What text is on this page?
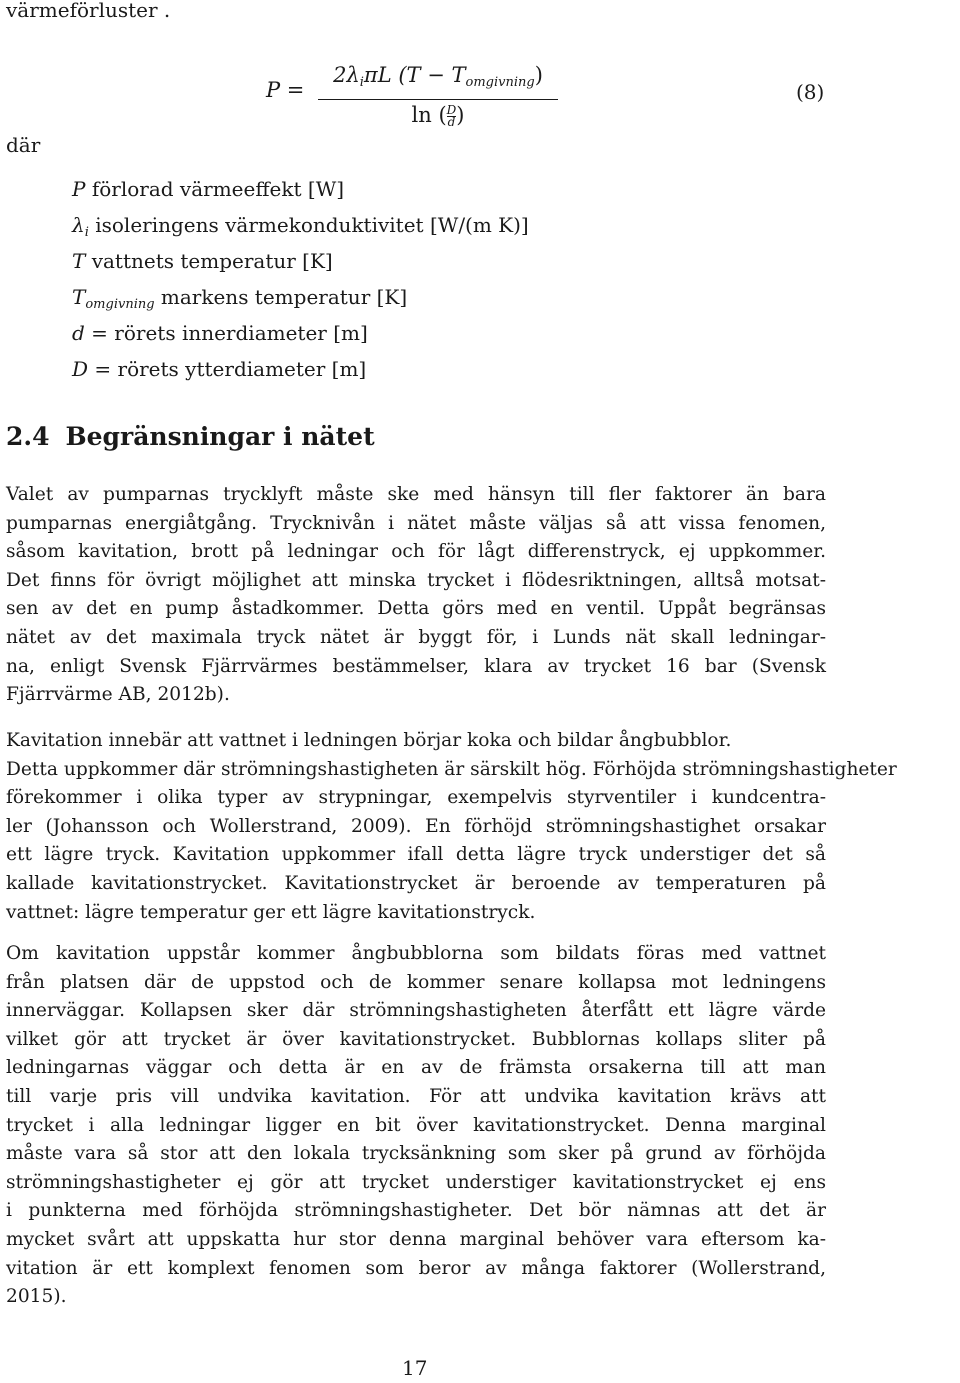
värmeförluster .

P =
$2\lambda_i\pi L$ $(T - T_{omgivning})$
ln ( $\frac{D}{d}$ )
(8)

där

P förlorad värmeeffekt [W]
$\lambda_i$ isoleringens värmekonduktivitet [W/(m K)]
T vattnets temperatur [K]
$T_{omgivning}$ markens temperatur [K]
d = rörets innerdiameter [m]
D = rörets ytterdiameter [m]
2.4 Begränsningar i nätet

Valet av pumparnas trycklyft måste ske med hänsyn till fler faktorer än bara
pumparnas energiåtgång. Trycknivån i nätet måste väljas så att vissa fenomen,
såsom kavitation, brott på ledningar och för lågt differenstryck, ej uppkommer.
Det finns för övrigt möjlighet att minska trycket i flödesriktningen, alltså motsat-
sen av det en pump åstadkommer. Detta görs med en ventil. Uppåt begränsas
nätet av det maximala tryck nätet är byggt för, i Lunds nät skall ledningar-
na, enligt Svensk Fjärrvärmes bestämmelser, klara av trycket 16 bar (Svensk
Fjärrvärme AB, 2012b).

Kavitation innebär att vattnet i ledningen börjar koka och bildar ångbubblor.
Detta uppkommer där strömningshastigheten är särskilt hög. Förhöjda strömningshastigheter
förekommer i olika typer av strypningar, exempelvis styrventiler i kundcentra-
ler (Johansson och Wollerstrand, 2009). En förhöjd strömningshastighet orsakar
ett lägre tryck. Kavitation uppkommer ifall detta lägre tryck understiger det så
kallade kavitationstrycket. Kavitationstrycket är beroende av temperaturen på
vattnet: lägre temperatur ger ett lägre kavitationstryck.

Om kavitation uppstår kommer ångbubblorna som bildats föras med vattnet
från platsen där de uppstod och de kommer senare kollapsa mot ledningens
innerväggar. Kollapsen sker där strömningshastigheten återfått ett lägre värde
vilket gör att trycket är över kavitationstrycket. Bubblornas kollaps sliter på
ledningarnas väggar och detta är en av de främsta orsakerna till att man
till varje pris vill undvika kavitation. För att undvika kavitation krävs att
trycket i alla ledningar ligger en bit över kavitationstrycket. Denna marginal
måste vara så stor att den lokala trycksänkning som sker på grund av förhöjda
strömningshastigheter ej gör att trycket understiger kavitationstrycket ej ens
i punkterna med förhöjda strömningshastigheter. Det bör nämnas att det är
mycket svårt att uppskatta hur stor denna marginal behöver vara eftersom ka-
vitation är ett komplext fenomen som beror av många faktorer (Wollerstrand,
2015).

17
